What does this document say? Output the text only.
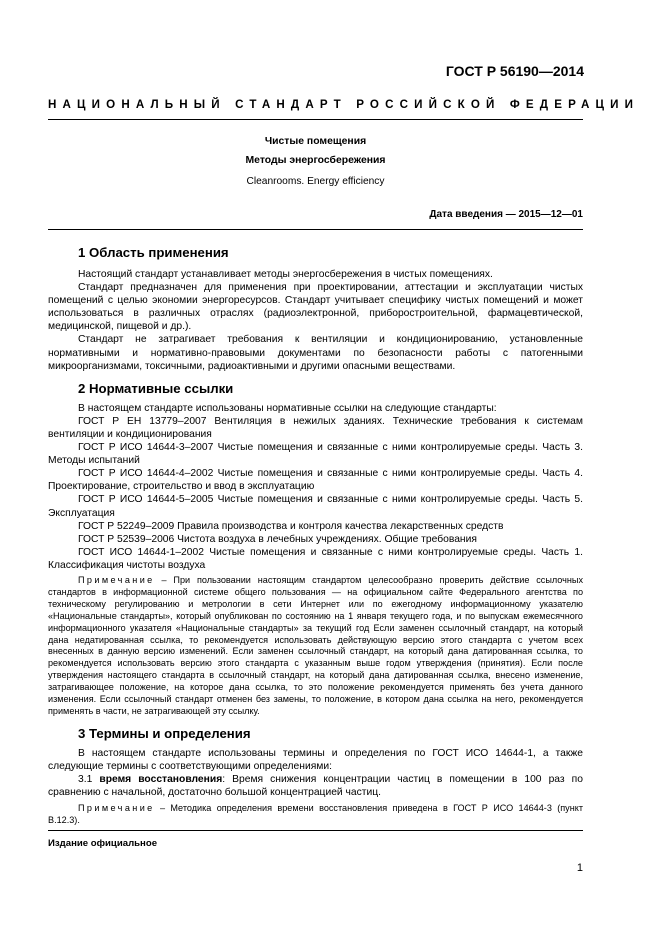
ГОСТ Р 56190—2014
НАЦИОНАЛЬНЫЙ СТАНДАРТ РОССИЙСКОЙ ФЕДЕРАЦИИ
Чистые помещения
Методы энергосбережения
Cleanrooms. Energy efficiency
Дата введения — 2015—12—01
1 Область применения

Настоящий стандарт устанавливает методы энергосбережения в чистых помещениях.

Стандарт предназначен для применения при проектировании, аттестации и эксплуатации чистых помещений с целью экономии энергоресурсов. Стандарт учитывает специфику чистых помещений и может использоваться в различных отраслях (радиоэлектронной, приборостроительной, фармацевтической, медицинской, пищевой и др.).

Стандарт не затрагивает требования к вентиляции и кондиционированию, установленные нормативными и нормативно-правовыми документами по безопасности работы с патогенными микроорганизмами, токсичными, радиоактивными и другими опасными веществами.

2 Нормативные ссылки

В настоящем стандарте использованы нормативные ссылки на следующие стандарты:

ГОСТ Р ЕН 13779–2007 Вентиляция в нежилых зданиях. Технические требования к системам вентиляции и кондиционирования

ГОСТ Р ИСО 14644-3–2007 Чистые помещения и связанные с ними контролируемые среды. Часть 3. Методы испытаний

ГОСТ Р ИСО 14644-4–2002 Чистые помещения и связанные с ними контролируемые среды. Часть 4. Проектирование, строительство и ввод в эксплуатацию

ГОСТ Р ИСО 14644-5–2005 Чистые помещения и связанные с ними контролируемые среды. Часть 5. Эксплуатация

ГОСТ Р 52249–2009 Правила производства и контроля качества лекарственных средств

ГОСТ Р 52539–2006 Чистота воздуха в лечебных учреждениях. Общие требования

ГОСТ ИСО 14644-1–2002 Чистые помещения и связанные с ними контролируемые среды. Часть 1. Классификация чистоты воздуха

Примечание – При пользовании настоящим стандартом целесообразно проверить действие ссылочных стандартов в информационной системе общего пользования — на официальном сайте Федерального агентства по техническому регулированию и метрологии в сети Интернет или по ежегодному информационному указателю «Национальные стандарты», который опубликован по состоянию на 1 января текущего года, и по выпускам ежемесячного информационного указателя «Национальные стандарты» за текущий год Если заменен ссылочный стандарт, на который дана недатированная ссылка, то рекомендуется использовать действующую версию этого стандарта с учетом всех внесенных в данную версию изменений. Если заменен ссылочный стандарт, на который дана датированная ссылка, то рекомендуется использовать версию этого стандарта с указанным выше годом утверждения (принятия). Если после утверждения настоящего стандарта в ссылочный стандарт, на который дана датированная ссылка, внесено изменение, затрагивающее положение, на которое дана ссылка, то это положение рекомендуется применять без учета данного изменения. Если ссылочный стандарт отменен без замены, то положение, в котором дана ссылка на него, рекомендуется применять в части, не затрагивающей эту ссылку.
3 Термины и определения

В настоящем стандарте использованы термины и определения по ГОСТ ИСО 14644-1, а также следующие термины с соответствующими определениями:

3.1 время восстановления: Время снижения концентрации частиц в помещении в 100 раз по сравнению с начальной, достаточно большой концентрацией частиц.

Примечание – Методика определения времени восстановления приведена в ГОСТ Р ИСО 14644-3 (пункт В.12.3).
Издание официальное
1
